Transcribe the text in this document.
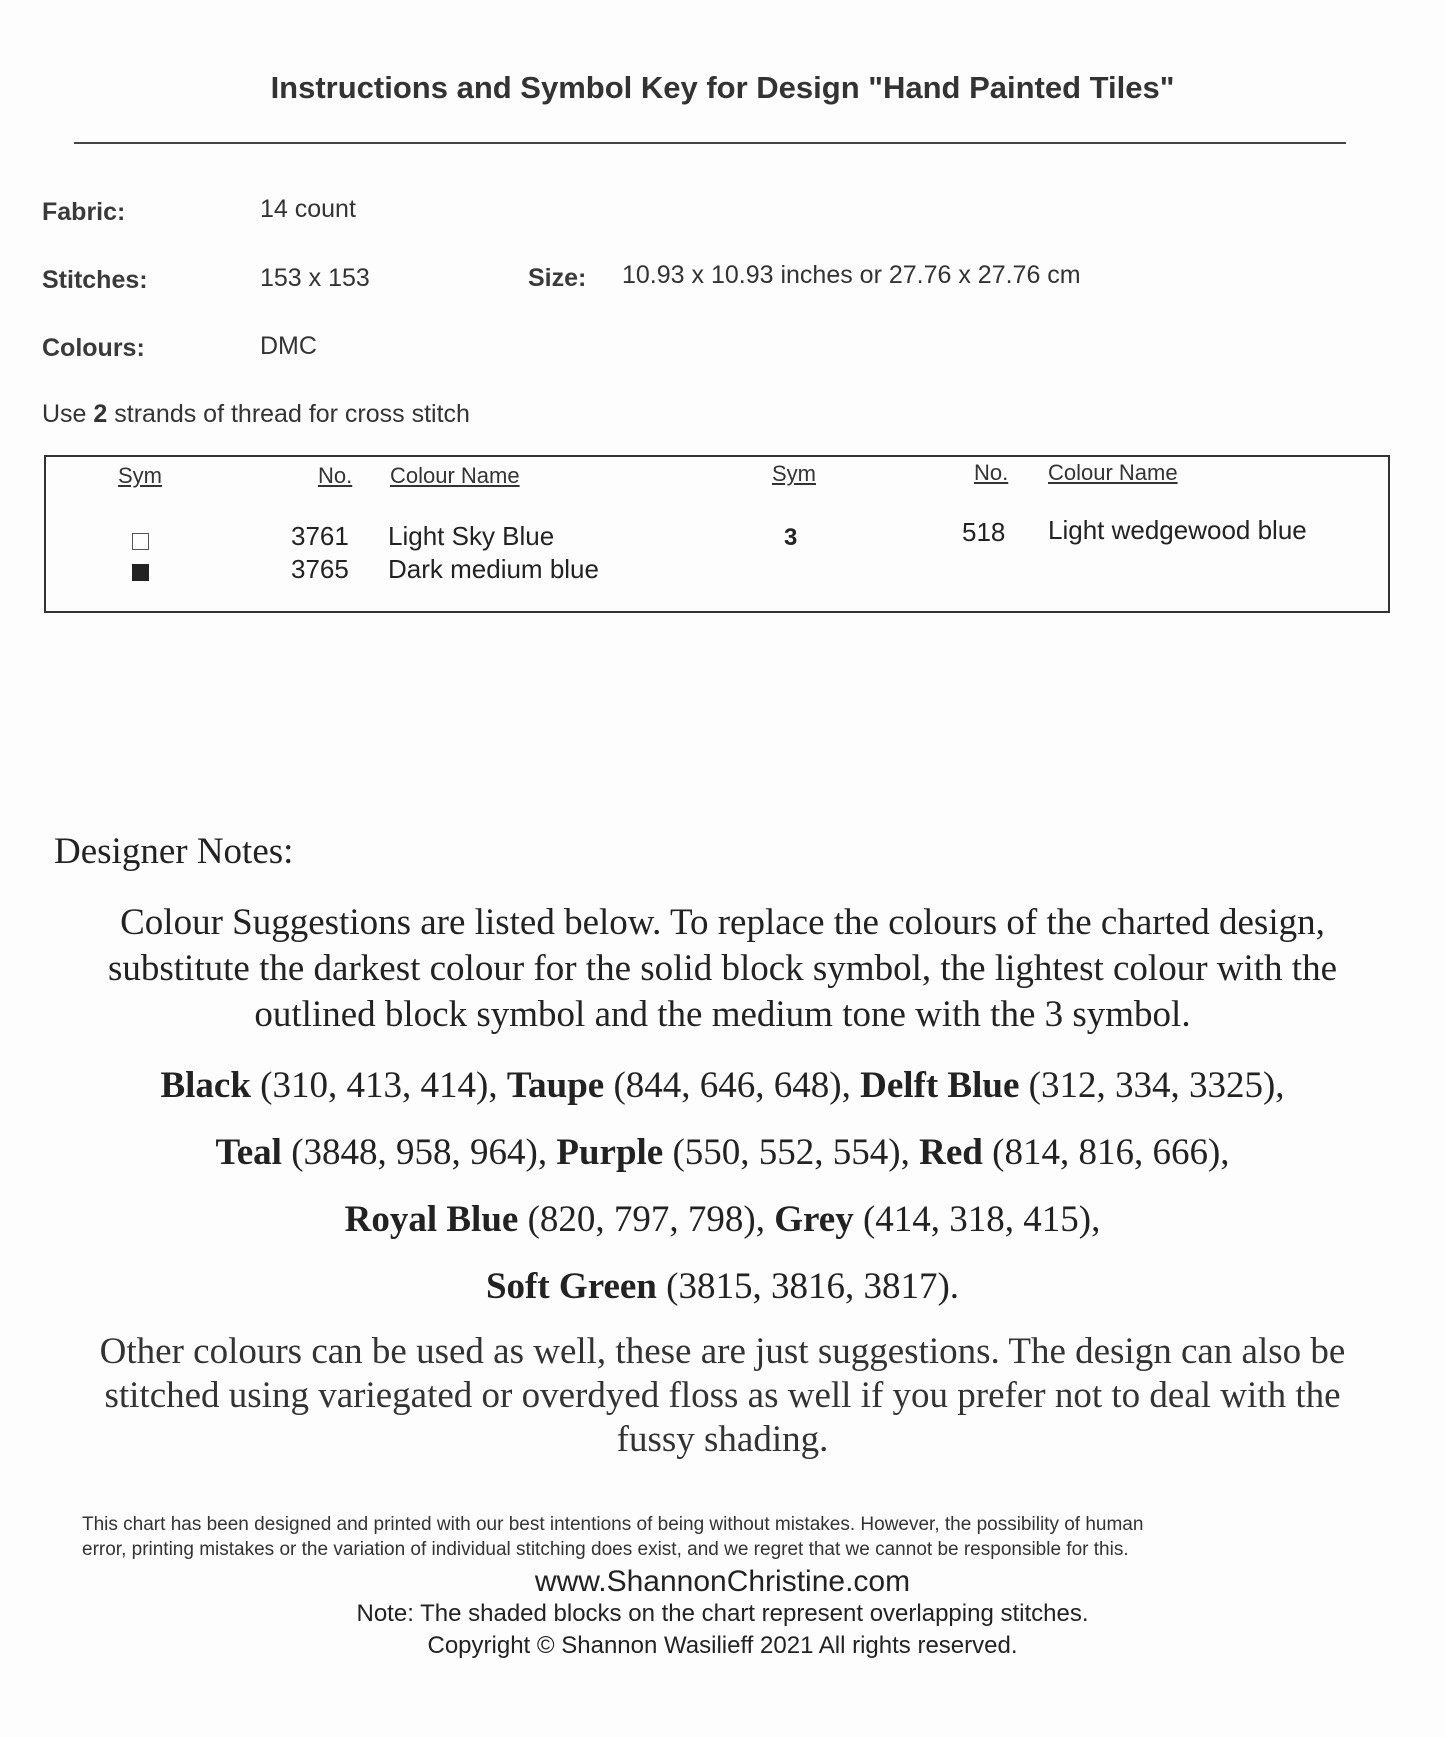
Instructions and Symbol Key for Design "Hand Painted Tiles"
Fabric:	14 count
Stitches:	153 x 153	Size: 10.93 x 10.93 inches or 27.76 x 27.76 cm
Colours:	DMC
Use 2 strands of thread for cross stitch
Sym	No. Colour Name	Sym	No. Colour Name
3761 Light Sky Blue
3765 Dark medium blue
3	518 Light wedgewood blue
Designer Notes:
Colour Suggestions are listed below. To replace the colours of the charted design,
substitute the darkest colour for the solid block symbol, the lightest colour with the
outlined block symbol and the medium tone with the 3 symbol.
Black (310, 413, 414), Taupe (844, 646, 648), Delft Blue (312, 334, 3325),
Teal (3848, 958, 964), Purple (550, 552, 554), Red (814, 816, 666),
Royal Blue (820, 797, 798), Grey (414, 318, 415),
Soft Green (3815, 3816, 3817).
Other colours can be used as well, these are just suggestions. The design can also be
stitched using variegated or overdyed floss as well if you prefer not to deal with the
fussy shading.
This chart has been designed and printed with our best intentions of being without mistakes. However, the possibility of human
error, printing mistakes or the variation of individual stitching does exist, and we regret that we cannot be responsible for this.
www.ShannonChristine.com
Note: The shaded blocks on the chart represent overlapping stitches.
Copyright © Shannon Wasilieff 2021 All rights reserved.
